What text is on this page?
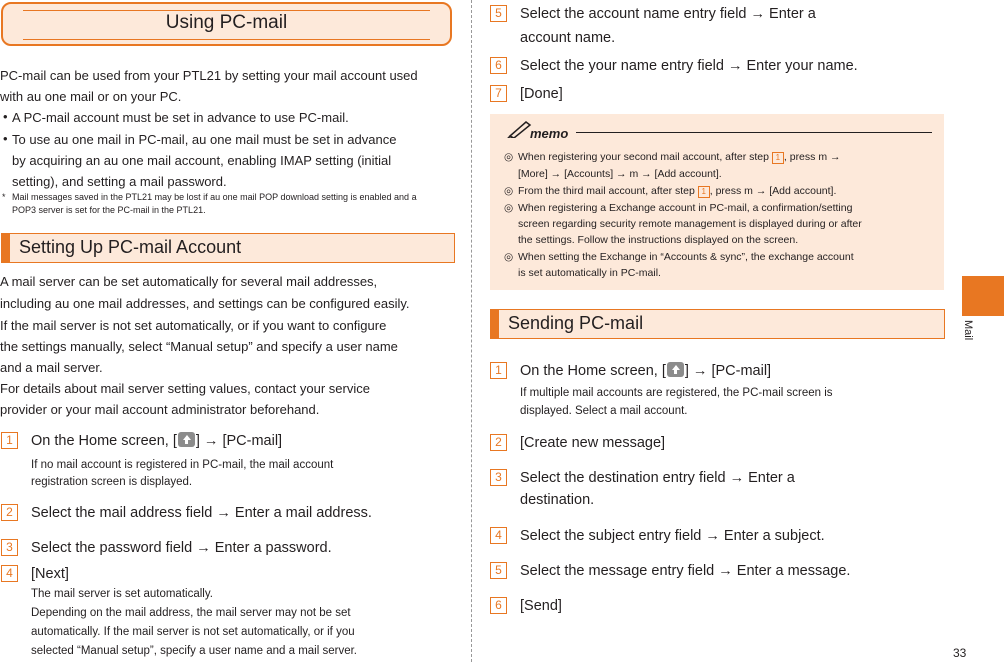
Using PC-mail
PC-mail can be used from your PTL21 by setting your mail account used
with au one mail or on your PC.
• A PC-mail account must be set in advance to use PC-mail.
• To use au one mail in PC-mail, au one mail must be set in advance
by acquiring an au one mail account, enabling IMAP setting (initial
setting), and setting a mail password.
* Mail messages saved in the PTL21 may be lost if au one mail POP download setting is enabled and a
POP3 server is set for the PC-mail in the PTL21.
Setting Up PC-mail Account
A mail server can be set automatically for several mail addresses,
including au one mail addresses, and settings can be configured easily.
If the mail server is not set automatically, or if you want to configure
the settings manually, select “Manual setup” and specify a user name
and a mail server.
For details about mail server setting values, contact your service
provider or your mail account administrator beforehand.
1	On the Home screen, [ ] → [PC-mail]
If no mail account is registered in PC-mail, the mail account
registration screen is displayed.
2	Select the mail address field → Enter a mail address.
3	Select the password field → Enter a password.
4	[Next]
The mail server is set automatically.
Depending on the mail address, the mail server may not be set
automatically. If the mail server is not set automatically, or if you
selected “Manual setup”, specify a user name and a mail server.
5	Select the account name entry field → Enter a
account name.
6	Select the your name entry field → Enter your name.
7	[Done]
memo
◎ When registering your second mail account, after step 1 , press m →
[More] → [Accounts] → m → [Add account].
◎ From the third mail account, after step 1 , press m → [Add account].
◎ When registering a Exchange account in PC-mail, a confirmation/setting
screen regarding security remote management is displayed during or after
the settings. Follow the instructions displayed on the screen.
◎ When setting the Exchange in “Accounts & sync”, the exchange account
is set automatically in PC-mail.
Sending PC-mail
1	On the Home screen, [ ] → [PC-mail]
If multiple mail accounts are registered, the PC-mail screen is
displayed. Select a mail account.
2	[Create new message]
3	Select the destination entry field → Enter a
destination.
4	Select the subject entry field → Enter a subject.
5	Select the message entry field → Enter a message.
6	[Send]
Mail
33
